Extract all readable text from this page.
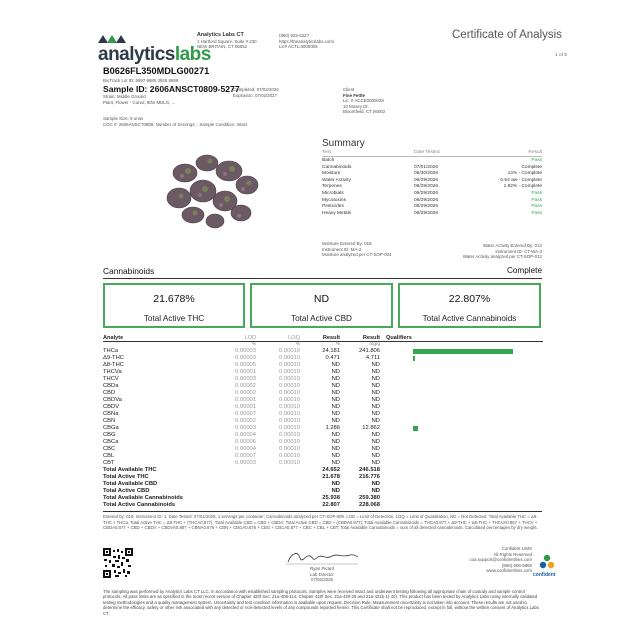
analyticslabs
Analytics Labs CT
1 Hartford Square, Suite # 230
NEW BRITAIN, CT 06052
(860) 925-5227
https://theanalyticslabs.com/
Lic# ACTL.0000005
Certificate of Analysis
1 of 5
B0626FL350MDLG00271
BioTrack Lot ID: 5897 9985 3845 8689
Sample ID: 2606ANSCT0809-5277
Strain: Middle Ground
Plant, Flower - Cured, 8ths MDLG, ...
Completed: 07/02/2026
Expiration: 07/02/2027
Client
Fine Fettle
Lic. # ACCE0000028
10 Mosey Dr.
Bloomfield, CT 06002
Sample Size: 9 units
COC #: 2606ANSCT0809; Number of Servings: ; Sample Condition: Intact
Summary
Test	Date Tested	Result
Batch	Pass
Cannabinoids	07/01/2026	Complete
Moisture	06/30/2026	14% - Complete
Water Activity	06/29/2026	0.54 aw - Complete
Terpenes	06/29/2026	1.82% - Complete
Microbials	06/29/2026	Pass
Mycotoxins	06/29/2026	Pass
Pesticides	06/29/2026	Pass
Heavy Metals	06/29/2026	Pass
Moisture Entered By: 018
Instrument ID: MA-2
Moisture analyzed per CT-SOP-004
Water Activity Entered By: 012
Instrument ID: CT-WA-3
Water Activity analyzed per CT-SOP-012
Cannabinoids	Complete
21.678%
Total Active THC
ND
Total Active CBD
22.807%
Total Active Cannabinoids
Analyte	LOD	LOQ	Result	Result	Qualifiers
%	%	%	mg/g
THCa	0.00003	0.00010	24.181	241.806
Δ9-THC	0.00003	0.00010	0.471	4.711
Δ8-THC	0.00005	0.00010	ND	ND
THCVa	0.00001	0.00010	ND	ND
THCV	0.00003	0.00010	ND	ND
CBDa	0.00002	0.00010	ND	ND
CBD	0.00002	0.00010	ND	ND
CBDVa	0.00001	0.00010	ND	ND
CBDV	0.00001	0.00010	ND	ND
CBNa	0.00007	0.00010	ND	ND
CBN	0.00002	0.00010	ND	ND
CBGa	0.00003	0.00010	1.286	12.862
CBG	0.00004	0.00010	ND	ND
CBCa	0.00006	0.00010	ND	ND
CBC	0.00004	0.00010	ND	ND
CBL	0.00007	0.00010	ND	ND
CBT	0.00003	0.00010	ND	ND
Total Available THC	24.652	246.518
Total Active THC	21.678	216.776
Total Available CBD	ND	ND
Total Active CBD	ND	ND
Total Available Cannabinoids	25.938	259.380
Total Active Cannabinoids	22.807	228.068
Entered by: 019; Instrument ID: 1; Date Tested: 07/01/2026; 1 servings per container; Cannabinoids analyzed per CT-SOP-009. LOD = Limit of Detection, LOQ = Limit of Quantitation, ND = Not Detected. Total Available THC = Δ9-THC + THCa, Total Active THC = Δ9-THC + (THCA0.877); Total Available CBD = CBD + CBDA; Total Active CBD = CBD + (CBDA0.877); Total Available Cannabinoids = THCA0.877 + Δ9-THC + Δ8-THC + THCVA0.867 + THCV + CBDA0.877 + CBD + CBDV + CBDVA0.867 + CBNA0.876 + CBN + CBGA0.878 + CBG + CBCA0.877 + CBC + CBL + CBT; Total Available Cannabinoids = sum of all detected cannabinoids. Calculated percentages by dry weight.
Ryan Picard
Lab Director
07/02/2026
Confident LIMS
All Rights Reserved
coa.support@confidentlims.com
(866) 506-5866
www.confidentlims.com
confident
The sampling was performed by Analytics Labs CT LLC, in accordance with established sampling protocols. Samples were received intact and underwent testing following all appropriate chain of custody and sample control protocols. All pass limits are as specified in the most recent version of Chapter 420f Sec. 21a-408-114, Chapter 420f Sec. 21a-420-29 and 21a-421b-1(-40). This product has been tested by Analytics Labs using internally validated testing methodologies and a quality management system. Uncertainty and test condition information is available upon request. Decision Rule: Measurement uncertainty is not taken into account. These results are not used to determine the efficacy, safety or other risk associated with any detected or non-detected levels of any compounds reported herein. This Certificate shall not be reproduced, except in full, without the written consent of Analytics Labs CT.
